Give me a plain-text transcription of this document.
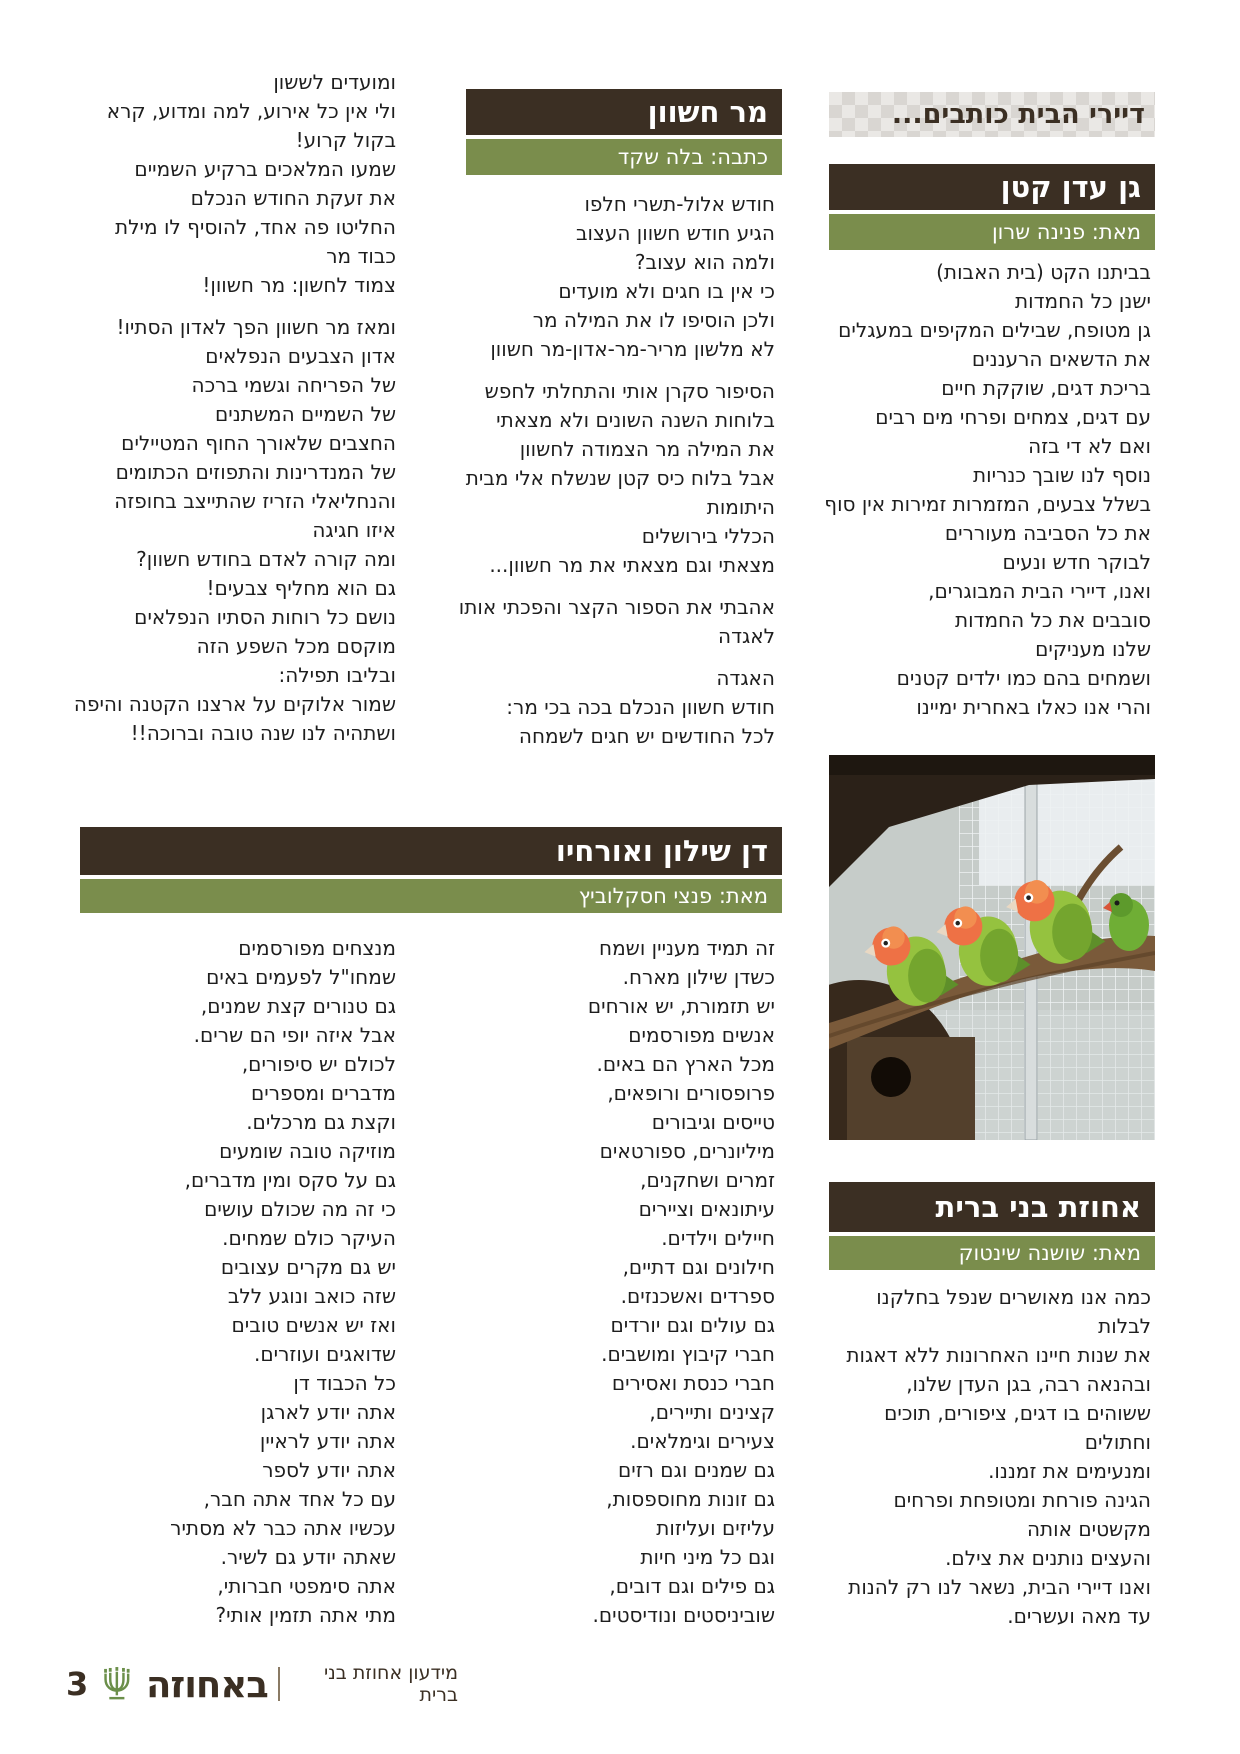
דיירי הבית כותבים...
גן עדן קטן
מאת: פנינה שרון
בביתנו הקט (בית האבות)
ישנן כל החמדות
גן מטופח, שבילים המקיפים במעגלים
את הדשאים הרעננים
בריכת דגים, שוקקת חיים
עם דגים, צמחים ופרחי מים רבים
ואם לא די בזה
נוסף לנו שובך כנריות
בשלל צבעים, המזמרות זמירות אין סוף
את כל הסביבה מעוררים
לבוקר חדש ונעים
ואנו, דיירי הבית המבוגרים,
סובבים את כל החמדות
שלנו מעניקים
ושמחים בהם כמו ילדים קטנים
והרי אנו כאלו באחרית ימיינו
מר חשוון
כתבה: בלה שקד
חודש אלול-תשרי חלפו
הגיע חודש חשוון העצוב
ולמה הוא עצוב?
כי אין בו חגים ולא מועדים
ולכן הוסיפו לו את המילה מר
לא מלשון מריר-מר-אדון-מר חשוון
הסיפור סקרן אותי והתחלתי לחפש
בלוחות השנה השונים ולא מצאתי
את המילה מר הצמודה לחשוון
אבל בלוח כיס קטן שנשלח אלי מבית
היתומות
הכללי בירושלים
מצאתי וגם מצאתי את מר חשוון...
אהבתי את הספור הקצר והפכתי אותו
לאגדה
האגדה
חודש חשוון הנכלם בכה בכי מר:
לכל החודשים יש חגים לשמחה
ומועדים לששון
ולי אין כל אירוע, למה ומדוע, קרא
בקול קרוע!
שמעו המלאכים ברקיע השמיים
את זעקת החודש הנכלם
החליטו פה אחד, להוסיף לו מילת
כבוד מר
צמוד לחשון: מר חשוון!
ומאז מר חשוון הפך לאדון הסתיו!
אדון הצבעים הנפלאים
של הפריחה וגשמי ברכה
של השמיים המשתנים
החצבים שלאורך החוף המטיילים
של המנדרינות והתפוזים הכתומים
והנחליאלי הזריז שהתייצב בחופזה
איזו חגיגה
ומה קורה לאדם בחודש חשוון?
גם הוא מחליף צבעים!
נושם כל רוחות הסתיו הנפלאים
מוקסם מכל השפע הזה
ובליבו תפילה:
שמור אלוקים על ארצנו הקטנה והיפה
ושתהיה לנו שנה טובה וברוכה!!
דן שילון ואורחיו
מאת: פנצי חסקלוביץ
זה תמיד מעניין ושמח
כשדן שילון מארח.
יש תזמורת, יש אורחים
אנשים מפורסמים
מכל הארץ הם באים.
פרופסורים ורופאים,
טייסים וגיבורים
מיליונרים, ספורטאים
זמרים ושחקנים,
עיתונאים וציירים
חיילים וילדים.
חילונים וגם דתיים,
ספרדים ואשכנזים.
גם עולים וגם יורדים
חברי קיבוץ ומושבים.
חברי כנסת ואסירים
קצינים ותיירים,
צעירים וגימלאים.
גם שמנים וגם רזים
גם זונות מחוספסות,
עליזים ועליזות
וגם כל מיני חיות
גם פילים וגם דובים,
שוביניסטים ונודיסטים.
מנצחים מפורסמים
שמחו"ל לפעמים באים
גם טנורים קצת שמנים,
אבל איזה יופי הם שרים.
לכולם יש סיפורים,
מדברים ומספרים
וקצת גם מרכלים.
מוזיקה טובה שומעים
גם על סקס ומין מדברים,
כי זה מה שכולם עושים
העיקר כולם שמחים.
יש גם מקרים עצובים
שזה כואב ונוגע ללב
ואז יש אנשים טובים
שדואגים ועוזרים.
כל הכבוד דן
אתה יודע לארגן
אתה יודע לראיין
אתה יודע לספר
עם כל אחד אתה חבר,
עכשיו אתה כבר לא מסתיר
שאתה יודע גם לשיר.
אתה סימפטי חברותי,
מתי אתה תזמין אותי?
אחוזת בני ברית
מאת: שושנה שינטוק
כמה אנו מאושרים שנפל בחלקנו
לבלות
את שנות חיינו האחרונות ללא דאגות
ובהנאה רבה, בגן העדן שלנו,
ששוהים בו דגים, ציפורים, תוכים
וחתולים
ומנעימים את זמננו.
הגינה פורחת ומטופחת ופרחים
מקשטים אותה
והעצים נותנים את צילם.
ואנו דיירי הבית, נשאר לנו רק להנות
עד מאה ועשרים.
מידעון אחוזת בני ברית
באחוזה
3
